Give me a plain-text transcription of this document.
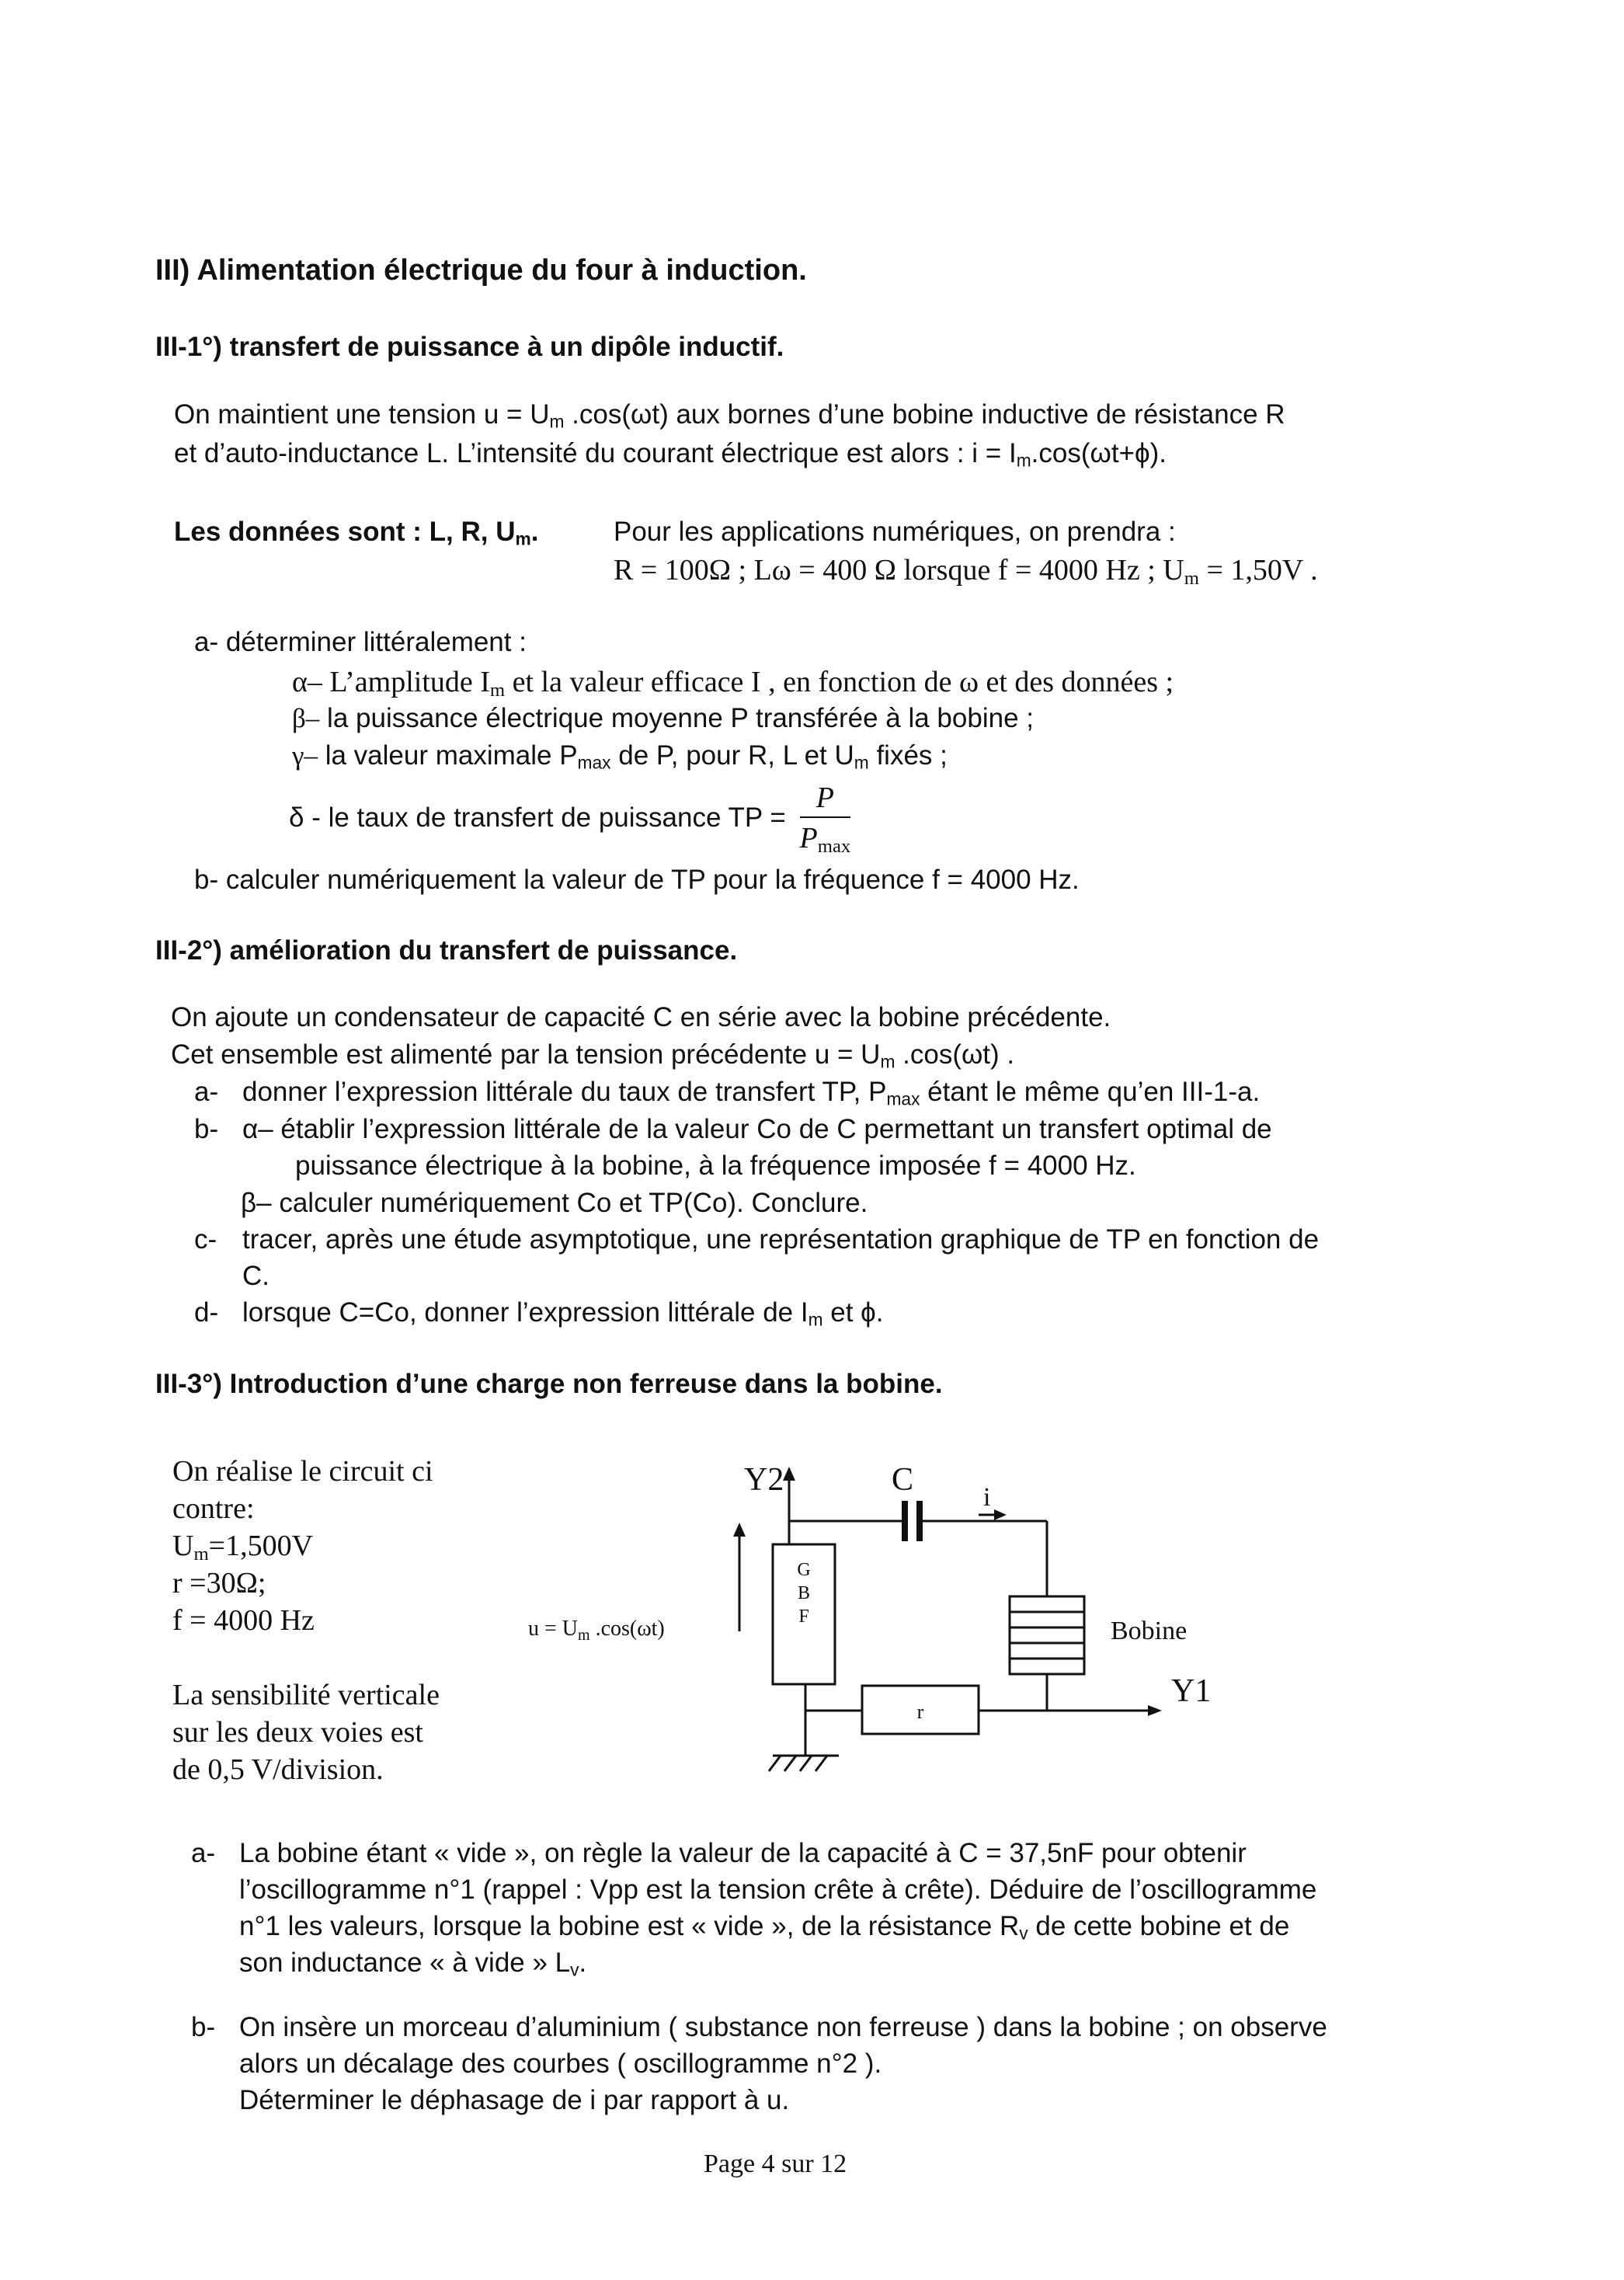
III) Alimentation électrique du four à induction.
III-1°) transfert de puissance à un dipôle inductif.
On maintient une tension $u = U_m$ .cos(ωt) aux bornes d’une bobine inductive de résistance R
et d’auto-inductance L. L’intensité du courant électrique est alors : $i = I_m.\cos(\omega t+\phi)$.
Les données sont : L, R, $U_m$.	Pour les applications numériques, on prendra :
R = 100Ω ; Lω = 400 Ω lorsque f = 4000 Hz ; $U_m = 1,50V$ .
a- déterminer littéralement :
α– L’amplitude $I_m$ et la valeur efficace I , en fonction de ω et des données ;
β– la puissance électrique moyenne P transférée à la bobine ;
γ– la valeur maximale $P_{max}$ de P, pour R, L et $U_m$ fixés ;
δ - le taux de transfert de puissance TP = $\frac{P}{P_{max}}$
b- calculer numériquement la valeur de TP pour la fréquence f = 4000 Hz.
III-2°) amélioration du transfert de puissance.
On ajoute un condensateur de capacité C en série avec la bobine précédente.
Cet ensemble est alimenté par la tension précédente $u = U_m$ .cos(ωt) .
a- donner l’expression littérale du taux de transfert TP, $P_{max}$ étant le même qu’en III-1-a.
b- α– établir l’expression littérale de la valeur Co de C permettant un transfert optimal de
puissance électrique à la bobine, à la fréquence imposée f = 4000 Hz.
β– calculer numériquement Co et TP(Co). Conclure.
c- tracer, après une étude asymptotique, une représentation graphique de TP en fonction de
C.
d- lorsque C=Co, donner l’expression littérale de $I_m$ et ϕ.
III-3°) Introduction d’une charge non ferreuse dans la bobine.
On réalise le circuit ci
contre:
$U_m=1,500V$
r =30Ω;
f = 4000 Hz
La sensibilité verticale
sur les deux voies est
de 0,5 V/division.
Y2	C	i
G
B
F
r
Bobine
Y1
$u = U_m$ .cos(ωt)
a- La bobine étant « vide », on règle la valeur de la capacité à C = 37,5nF pour obtenir
l’oscillogramme n°1 (rappel : Vpp est la tension crête à crête). Déduire de l’oscillogramme
n°1 les valeurs, lorsque la bobine est « vide », de la résistance $R_v$ de cette bobine et de
son inductance « à vide » $L_v$.
b- On insère un morceau d’aluminium ( substance non ferreuse ) dans la bobine ; on observe
alors un décalage des courbes ( oscillogramme n°2 ).
Déterminer le déphasage de i par rapport à u.
Page 4 sur 12
